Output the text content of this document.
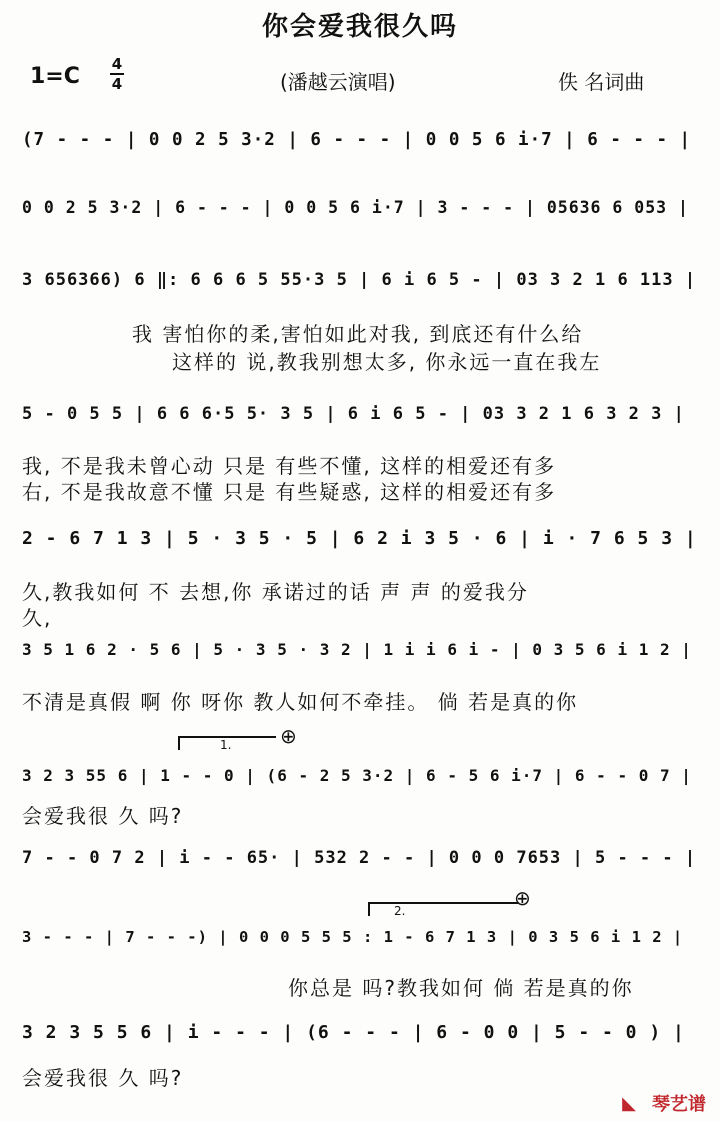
你会爱我很久吗
1=C 4
4	(潘越云演唱)	佚 名词曲
(7 - - - | 0 0 2 5 3·2 | 6 - - - | 0 0 5 6 i·7 | 6 - - - |
0 0 2 5 3·2 | 6 - - - | 0 0 5 6 i·7 | 3 - - - | 05636 6 053 |
3 656366) 6 ‖: 6 6 6 5 55·3 5 | 6 i 6 5 - | 03 3 2 1 6 113 |
我 害怕你的柔,害怕如此对我, 到底还有什么给
这样的 说,教我别想太多, 你永远一直在我左
5 - 0 5 5 | 6 6 6·5 5· 3 5 | 6 i 6 5 - | 03 3 2 1 6 3 2 3 |
我, 不是我未曾心动 只是 有些不懂, 这样的相爱还有多
右, 不是我故意不懂 只是 有些疑惑, 这样的相爱还有多
2 - 6 7 1 3 | 5 · 3 5 · 5 | 6 2 i 3 5 · 6 | i · 7 6 5 3 |
久,教我如何 不 去想,你 承诺过的话 声 声 的爱我分
久,
3 5 1 6 2 · 5 6 | 5 · 3 5 · 3 2 | 1 i i 6 i - | 0 3 5 6 i 1 2 |
不清是真假 啊 你 呀你 教人如何不牵挂。 倘 若是真的你
1.	⊕
3 2 3 55 6 | 1 - - 0 | (6 - 2 5 3·2 | 6 - 5 6 i·7 | 6 - - 0 7 |
会爱我很 久 吗?
7 - - 0 7 2 | i - - 65· | 532 2 - - | 0 0 0 7653 | 5 - - - |
2.
⊕
3 - - - | 7 - - -) | 0 0 0 5 5 5 : 1 - 6 7 1 3 | 0 3 5 6 i 1 2 |
你总是 吗?教我如何 倘 若是真的你
3 2 3 5 5 6 | i - - - | (6 - - - | 6 - 0 0 | 5 - - 0 ) |
会爱我很 久 吗?
◣ 琴艺谱
